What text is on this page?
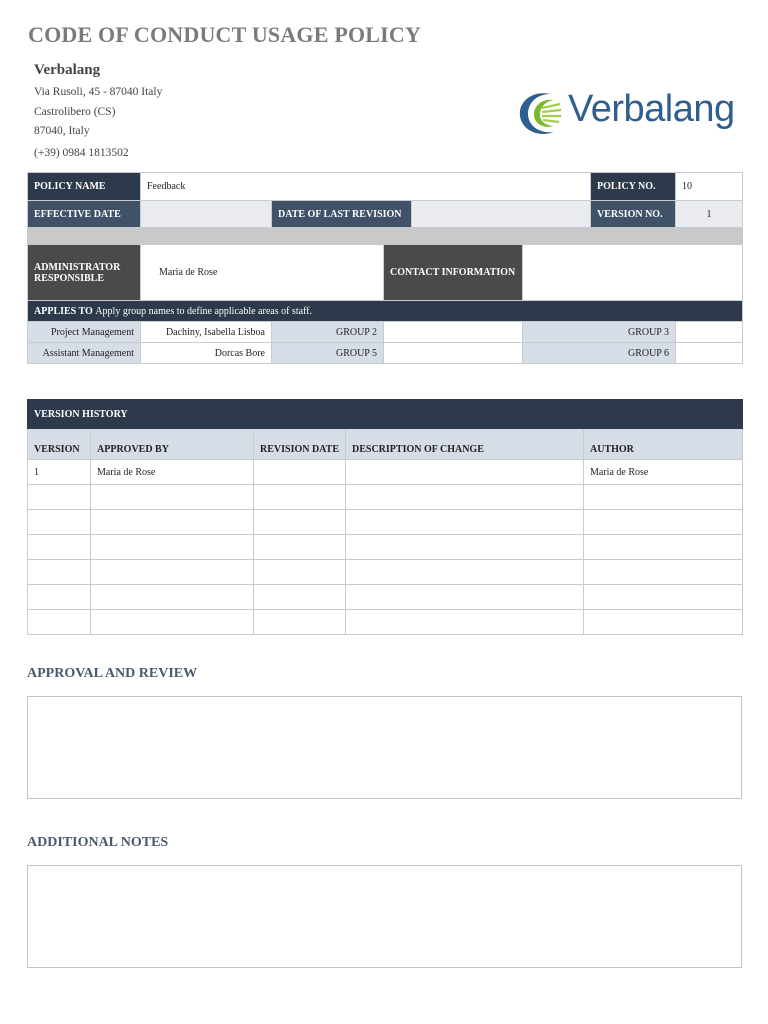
CODE OF CONDUCT USAGE POLICY
Verbalang
Via Rusoli, 45 - 87040 Italy
Castrolibero (CS)
87040, Italy
(+39) 0984 1813502
Verbalang
POLICY NAME	Feedback					POLICY NO.	10
EFFECTIVE DATE		DATE OF LAST REVISION				VERSION NO.	1

ADMINISTRATOR RESPONSIBLE	Maria de Rose		CONTACT INFORMATION				
APPLIES TO Apply group names to define applicable areas of staff.							
Project Management	Dachiny, Isabella Lisboa	GROUP 2			GROUP 3		
Assistant Management	Dorcas Bore	GROUP 5			GROUP 6		
VERSION HISTORY				
VERSION	APPROVED BY	REVISION DATE	DESCRIPTION OF CHANGE	AUTHOR
1	Maria de Rose			Maria de Rose

APPROVAL AND REVIEW
ADDITIONAL NOTES
